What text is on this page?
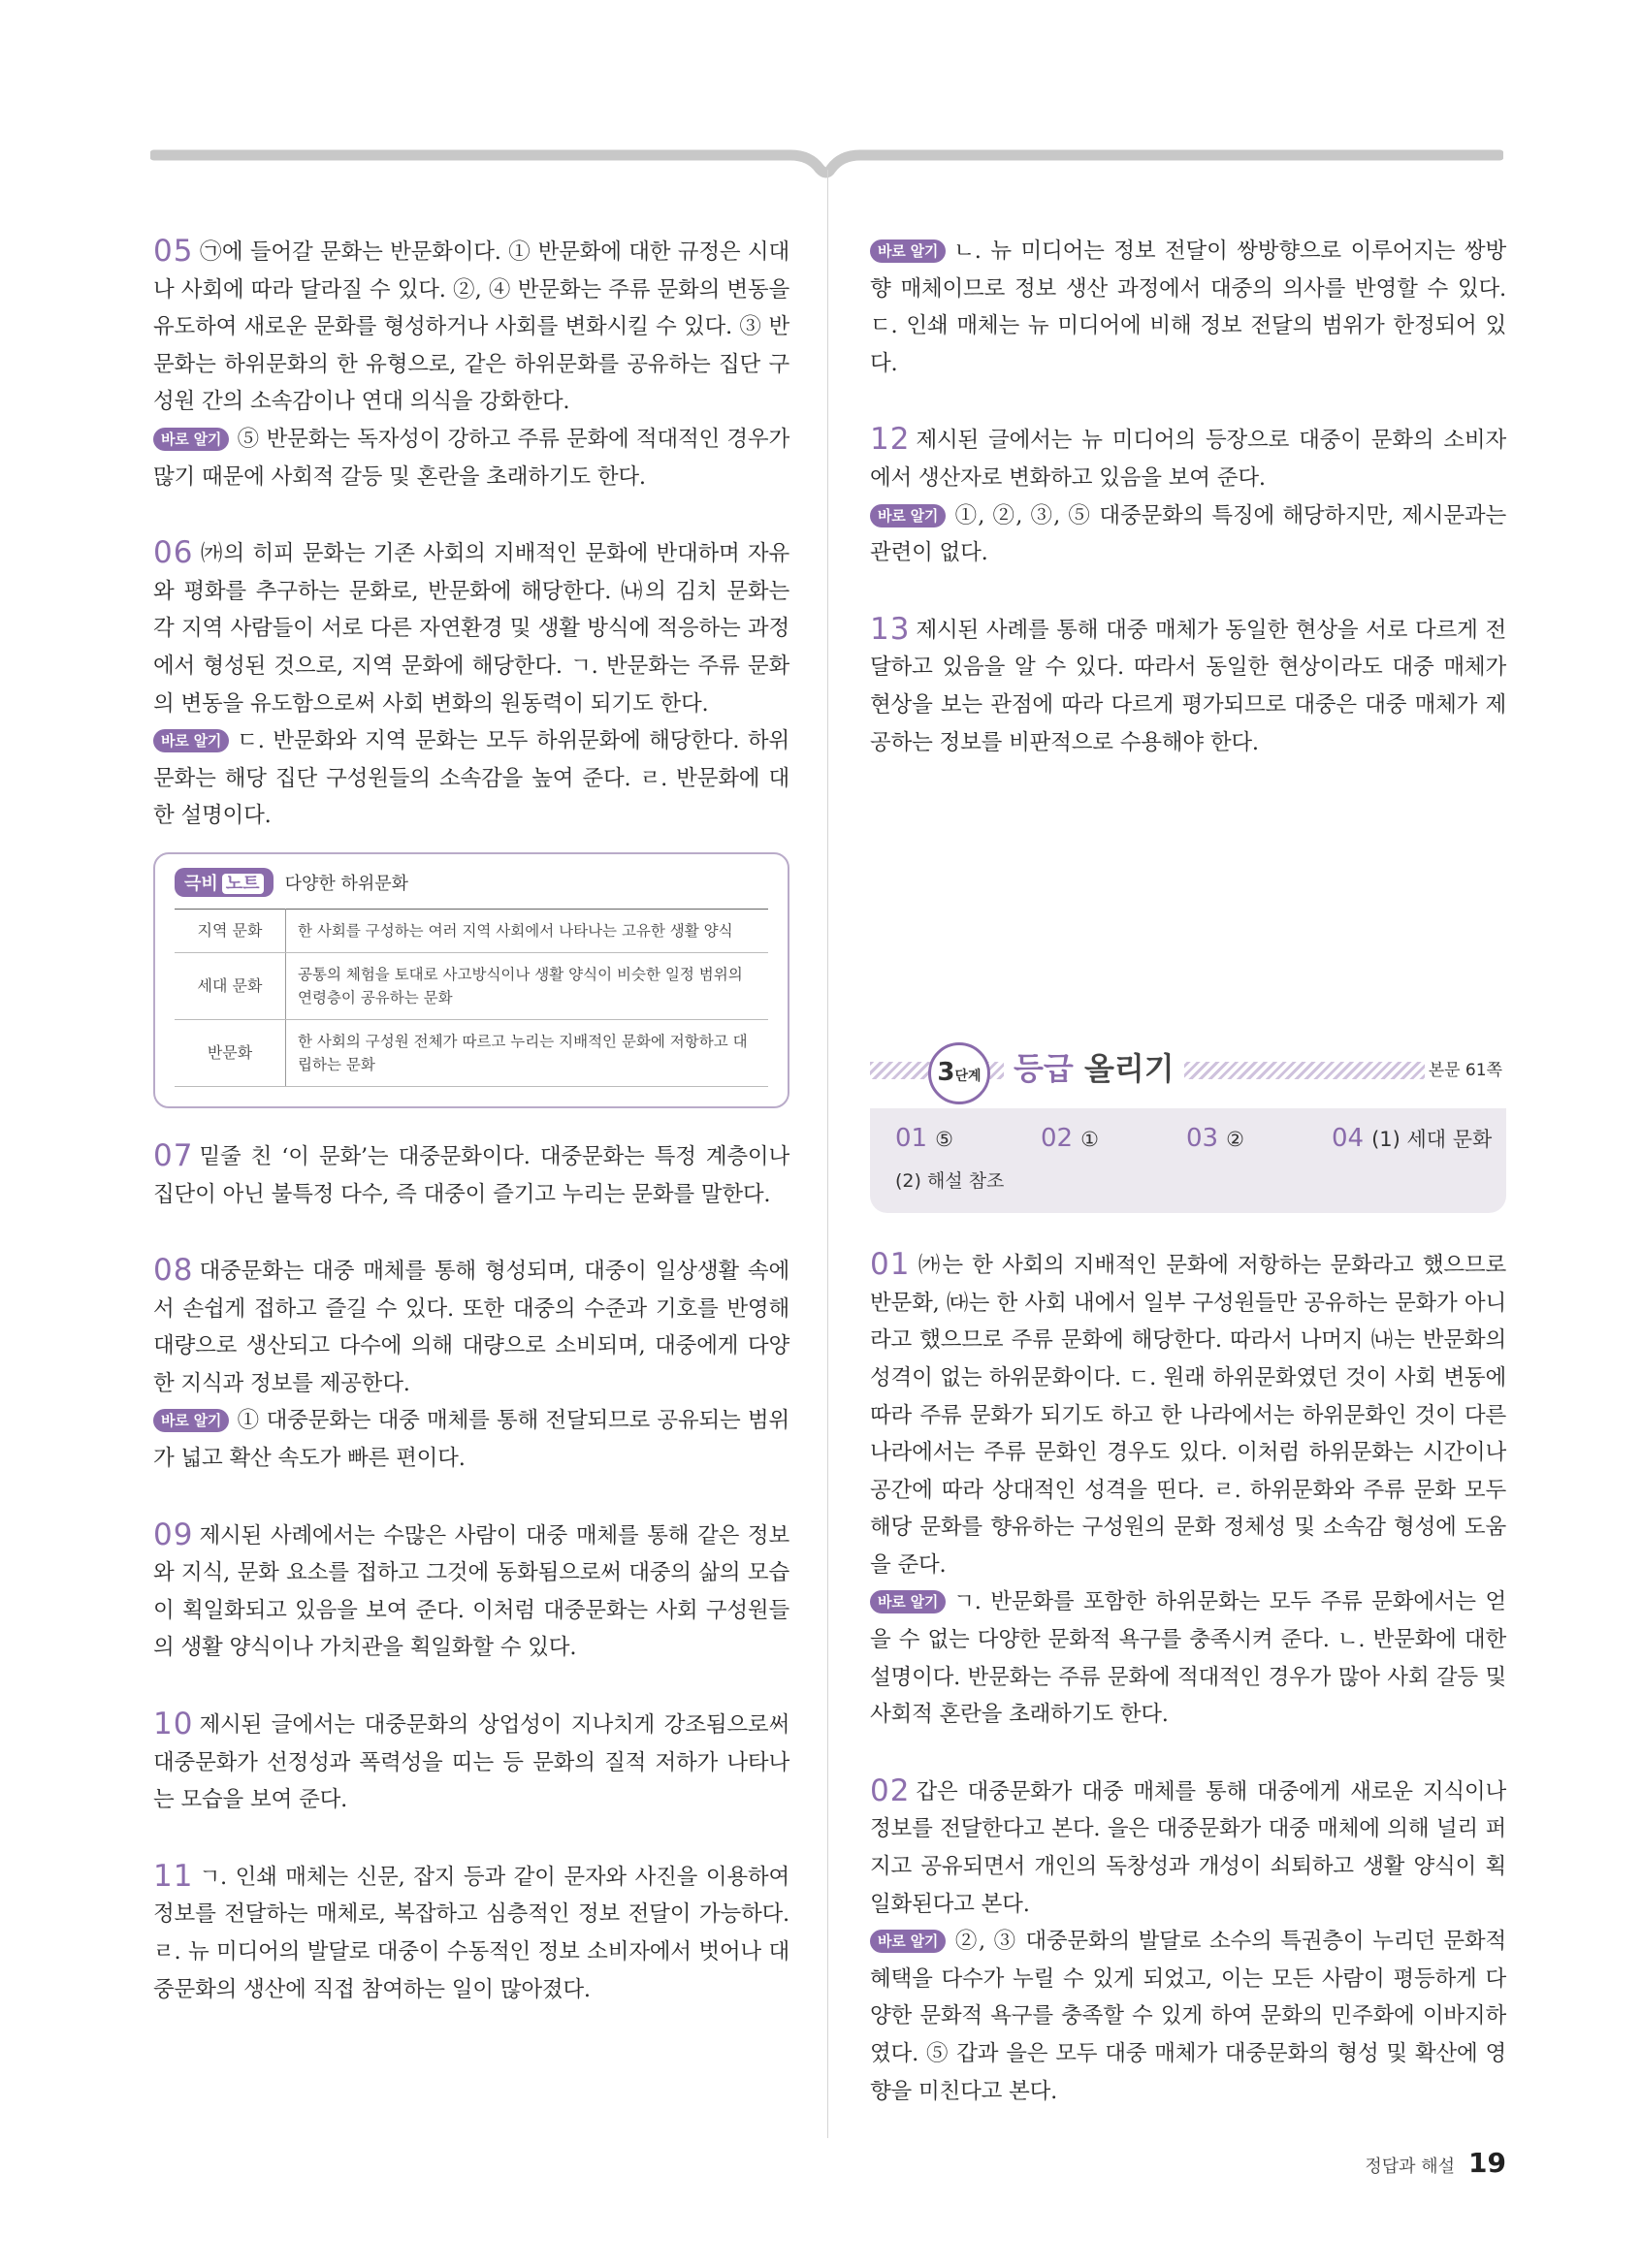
05 ㉠에 들어갈 문화는 반문화이다. ① 반문화에 대한 규정은 시대나 사회에 따라 달라질 수 있다. ②, ④ 반문화는 주류 문화의 변동을 유도하여 새로운 문화를 형성하거나 사회를 변화시킬 수 있다. ③ 반문화는 하위문화의 한 유형으로, 같은 하위문화를 공유하는 집단 구성원 간의 소속감이나 연대 의식을 강화한다.

바로 알기 ⑤ 반문화는 독자성이 강하고 주류 문화에 적대적인 경우가 많기 때문에 사회적 갈등 및 혼란을 초래하기도 한다.

06 ㈎의 히피 문화는 기존 사회의 지배적인 문화에 반대하며 자유와 평화를 추구하는 문화로, 반문화에 해당한다. ㈏의 김치 문화는 각 지역 사람들이 서로 다른 자연환경 및 생활 방식에 적응하는 과정에서 형성된 것으로, 지역 문화에 해당한다. ㄱ. 반문화는 주류 문화의 변동을 유도함으로써 사회 변화의 원동력이 되기도 한다.

바로 알기 ㄷ. 반문화와 지역 문화는 모두 하위문화에 해당한다. 하위문화는 해당 집단 구성원들의 소속감을 높여 준다. ㄹ. 반문화에 대한 설명이다.

극비 노트	다양한 하위문화
지역 문화	한 사회를 구성하는 여러 지역 사회에서 나타나는 고유한 생활 양식
세대 문화	공통의 체험을 토대로 사고방식이나 생활 양식이 비슷한 일정 범위의 연령층이 공유하는 문화
반문화	한 사회의 구성원 전체가 따르고 누리는 지배적인 문화에 저항하고 대립하는 문화

07 밑줄 친 ‘이 문화’는 대중문화이다. 대중문화는 특정 계층이나 집단이 아닌 불특정 다수, 즉 대중이 즐기고 누리는 문화를 말한다.

08 대중문화는 대중 매체를 통해 형성되며, 대중이 일상생활 속에서 손쉽게 접하고 즐길 수 있다. 또한 대중의 수준과 기호를 반영해 대량으로 생산되고 다수에 의해 대량으로 소비되며, 대중에게 다양한 지식과 정보를 제공한다.

바로 알기 ① 대중문화는 대중 매체를 통해 전달되므로 공유되는 범위가 넓고 확산 속도가 빠른 편이다.

09 제시된 사례에서는 수많은 사람이 대중 매체를 통해 같은 정보와 지식, 문화 요소를 접하고 그것에 동화됨으로써 대중의 삶의 모습이 획일화되고 있음을 보여 준다. 이처럼 대중문화는 사회 구성원들의 생활 양식이나 가치관을 획일화할 수 있다.

10 제시된 글에서는 대중문화의 상업성이 지나치게 강조됨으로써 대중문화가 선정성과 폭력성을 띠는 등 문화의 질적 저하가 나타나는 모습을 보여 준다.

11 ㄱ. 인쇄 매체는 신문, 잡지 등과 같이 문자와 사진을 이용하여 정보를 전달하는 매체로, 복잡하고 심층적인 정보 전달이 가능하다. ㄹ. 뉴 미디어의 발달로 대중이 수동적인 정보 소비자에서 벗어나 대중문화의 생산에 직접 참여하는 일이 많아졌다.

바로 알기 ㄴ. 뉴 미디어는 정보 전달이 쌍방향으로 이루어지는 쌍방향 매체이므로 정보 생산 과정에서 대중의 의사를 반영할 수 있다. ㄷ. 인쇄 매체는 뉴 미디어에 비해 정보 전달의 범위가 한정되어 있다.

12 제시된 글에서는 뉴 미디어의 등장으로 대중이 문화의 소비자에서 생산자로 변화하고 있음을 보여 준다.

바로 알기 ①, ②, ③, ⑤ 대중문화의 특징에 해당하지만, 제시문과는 관련이 없다.

13 제시된 사례를 통해 대중 매체가 동일한 현상을 서로 다르게 전달하고 있음을 알 수 있다. 따라서 동일한 현상이라도 대중 매체가 현상을 보는 관점에 따라 다르게 평가되므로 대중은 대중 매체가 제공하는 정보를 비판적으로 수용해야 한다.

3단계	등급 올리기	본문 61쪽
01 ⑤	02 ①	03 ②	04 (1) 세대 문화
(2) 해설 참조

01 ㈎는 한 사회의 지배적인 문화에 저항하는 문화라고 했으므로 반문화, ㈐는 한 사회 내에서 일부 구성원들만 공유하는 문화가 아니라고 했으므로 주류 문화에 해당한다. 따라서 나머지 ㈏는 반문화의 성격이 없는 하위문화이다. ㄷ. 원래 하위문화였던 것이 사회 변동에 따라 주류 문화가 되기도 하고 한 나라에서는 하위문화인 것이 다른 나라에서는 주류 문화인 경우도 있다. 이처럼 하위문화는 시간이나 공간에 따라 상대적인 성격을 띤다. ㄹ. 하위문화와 주류 문화 모두 해당 문화를 향유하는 구성원의 문화 정체성 및 소속감 형성에 도움을 준다.

바로 알기 ㄱ. 반문화를 포함한 하위문화는 모두 주류 문화에서는 얻을 수 없는 다양한 문화적 욕구를 충족시켜 준다. ㄴ. 반문화에 대한 설명이다. 반문화는 주류 문화에 적대적인 경우가 많아 사회 갈등 및 사회적 혼란을 초래하기도 한다.

02 갑은 대중문화가 대중 매체를 통해 대중에게 새로운 지식이나 정보를 전달한다고 본다. 을은 대중문화가 대중 매체에 의해 널리 퍼지고 공유되면서 개인의 독창성과 개성이 쇠퇴하고 생활 양식이 획일화된다고 본다.

바로 알기 ②, ③ 대중문화의 발달로 소수의 특권층이 누리던 문화적 혜택을 다수가 누릴 수 있게 되었고, 이는 모든 사람이 평등하게 다양한 문화적 욕구를 충족할 수 있게 하여 문화의 민주화에 이바지하였다. ⑤ 갑과 을은 모두 대중 매체가 대중문화의 형성 및 확산에 영향을 미친다고 본다.

정답과 해설 19
